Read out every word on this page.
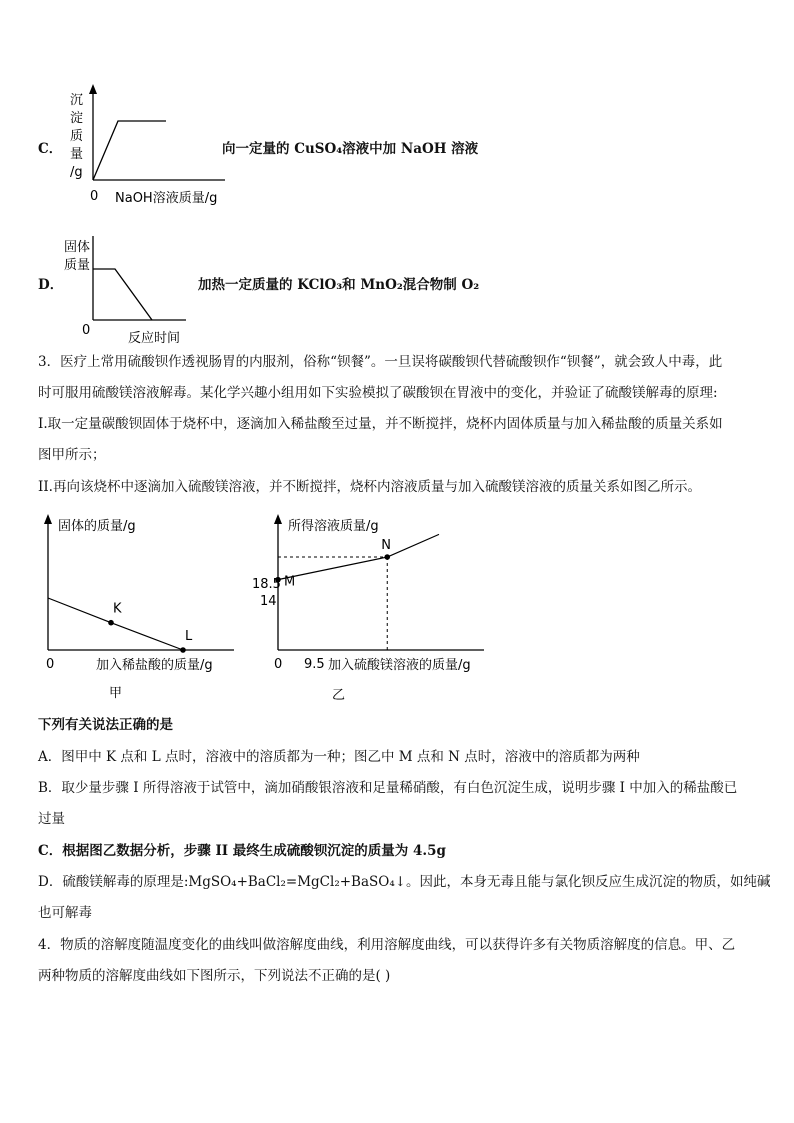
C．
沉
淀
质
量
/g
0 NaOH溶液质量/g
向一定量的 CuSO₄溶液中加 NaOH 溶液
D．
固体
质量
0
反应时间
加热一定质量的 KClO₃和 MnO₂混合物制 O₂
3．医疗上常用硫酸钡作透视肠胃的内服剂，俗称“钡餐”。一旦误将碳酸钡代替硫酸钡作“钡餐”，就会致人中毒，此
时可服用硫酸镁溶液解毒。某化学兴趣小组用如下实验模拟了碳酸钡在胃液中的变化，并验证了硫酸镁解毒的原理:
I.取一定量碳酸钡固体于烧杯中，逐滴加入稀盐酸至过量，并不断搅拌，烧杯内固体质量与加入稀盐酸的质量关系如
图甲所示；
II.再向该烧杯中逐滴加入硫酸镁溶液，并不断搅拌，烧杯内溶液质量与加入硫酸镁溶液的质量关系如图乙所示。
K
L
固体的质量/g
0	加入稀盐酸的质量/g
甲
M
N
所得溶液质量/g
18.5
14
0 9.5 加入硫酸镁溶液的质量/g
乙
下列有关说法正确的是
A．图甲中 K 点和 L 点时，溶液中的溶质都为一种；图乙中 M 点和 N 点时，溶液中的溶质都为两种
B．取少量步骤 I 所得溶液于试管中，滴加硝酸银溶液和足量稀硝酸，有白色沉淀生成，说明步骤 I 中加入的稀盐酸已
过量
C．根据图乙数据分析，步骤 II 最终生成硫酸钡沉淀的质量为 4.5g
D．硫酸镁解毒的原理是:MgSO₄+BaCl₂=MgCl₂+BaSO₄↓。因此，本身无毒且能与氯化钡反应生成沉淀的物质，如纯碱
也可解毒
4．物质的溶解度随温度变化的曲线叫做溶解度曲线，利用溶解度曲线，可以获得许多有关物质溶解度的信息。甲、乙
两种物质的溶解度曲线如下图所示，下列说法不正确的是( )
